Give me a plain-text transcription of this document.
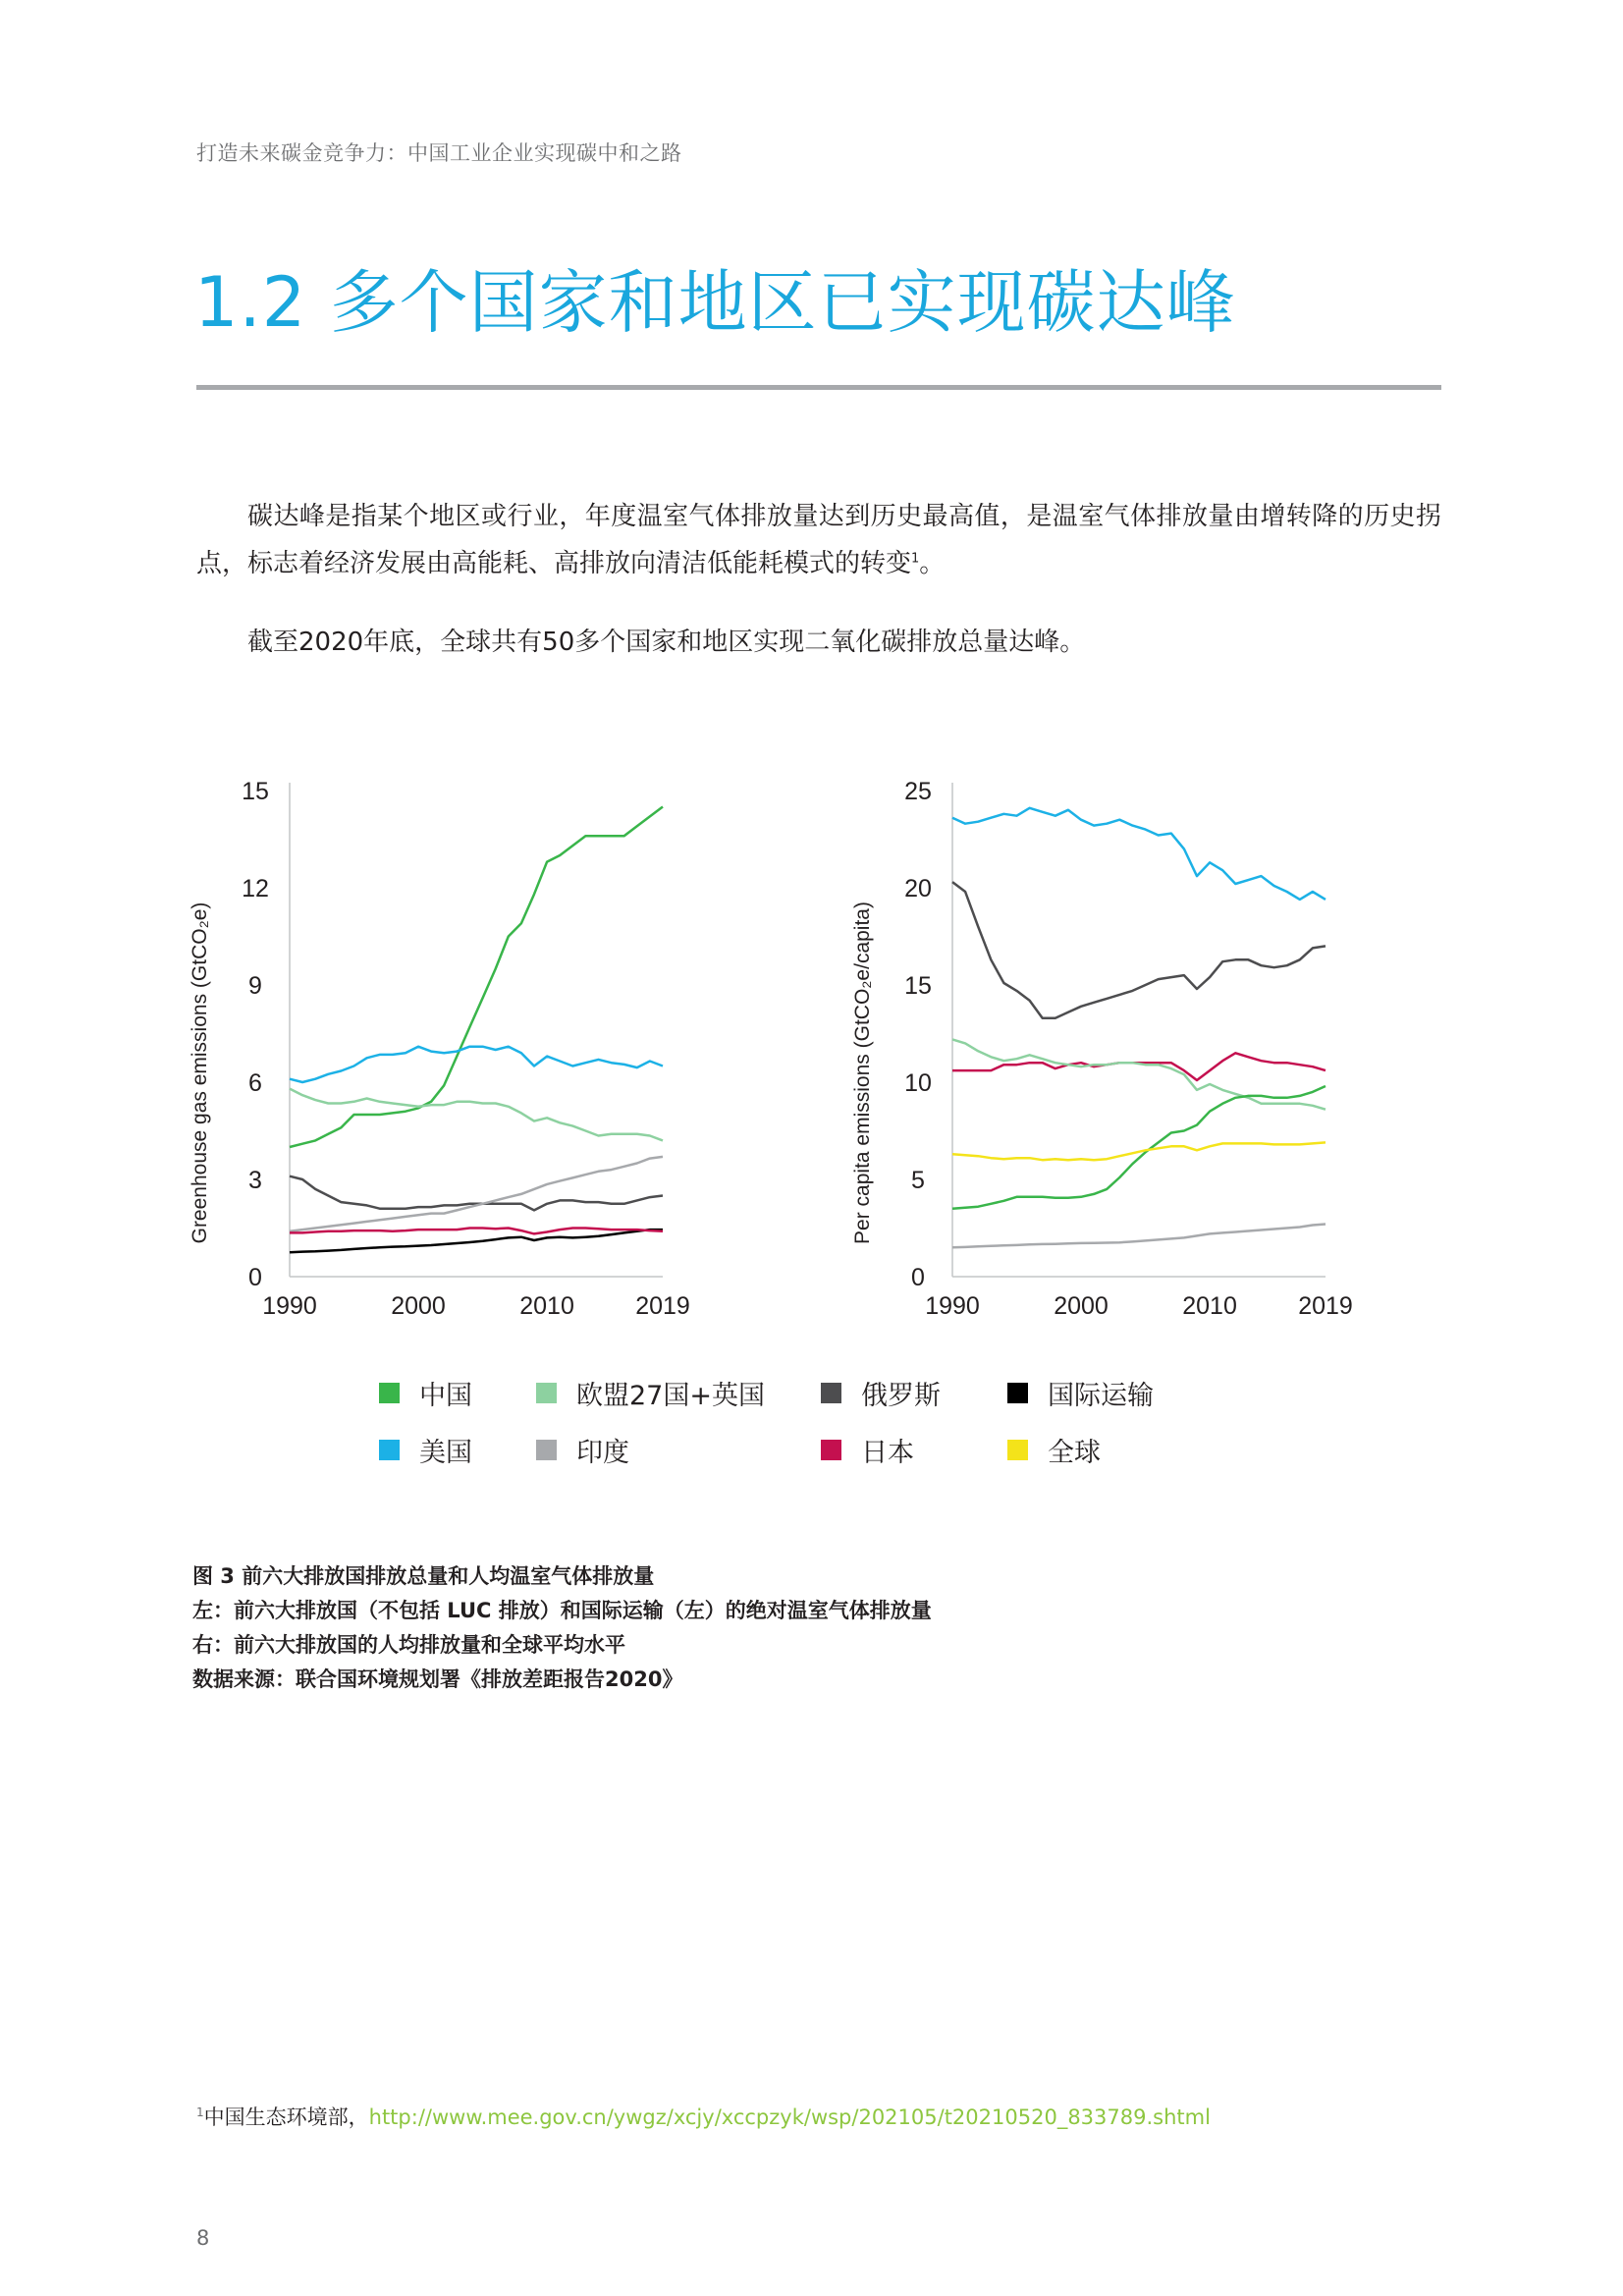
打造未来碳金竞争力：中国工业企业实现碳中和之路
1.2 多个国家和地区已实现碳达峰

碳达峰是指某个地区或行业，年度温室气体排放量达到历史最高值，是温室气体排放量由增转降的历史拐点，标志着经济发展由高能耗、高排放向清洁低能耗模式的转变$^1$。

截至2020年底，全球共有50多个国家和地区实现二氧化碳排放总量达峰。

0
3
6
9
12
15
1990	2000	2010 2019
Greenhouse gas emissions (GtCO₂e)
0
5
10
15
20
25
1990	2000	2010 2019
Per capita emissions (GtCO₂e/capita)
中国	欧盟27国+英国	俄罗斯	国际运输
美国	印度	日本	全球
图 3 前六大排放国排放总量和人均温室气体排放量
左：前六大排放国（不包括 LUC 排放）和国际运输（左）的绝对温室气体排放量
右：前六大排放国的人均排放量和全球平均水平
数据来源：联合国环境规划署《排放差距报告2020》
$^1$中国生态环境部，http://www.mee.gov.cn/ywgz/xcjy/xccpzyk/wsp/202105/t20210520_833789.shtml
8
